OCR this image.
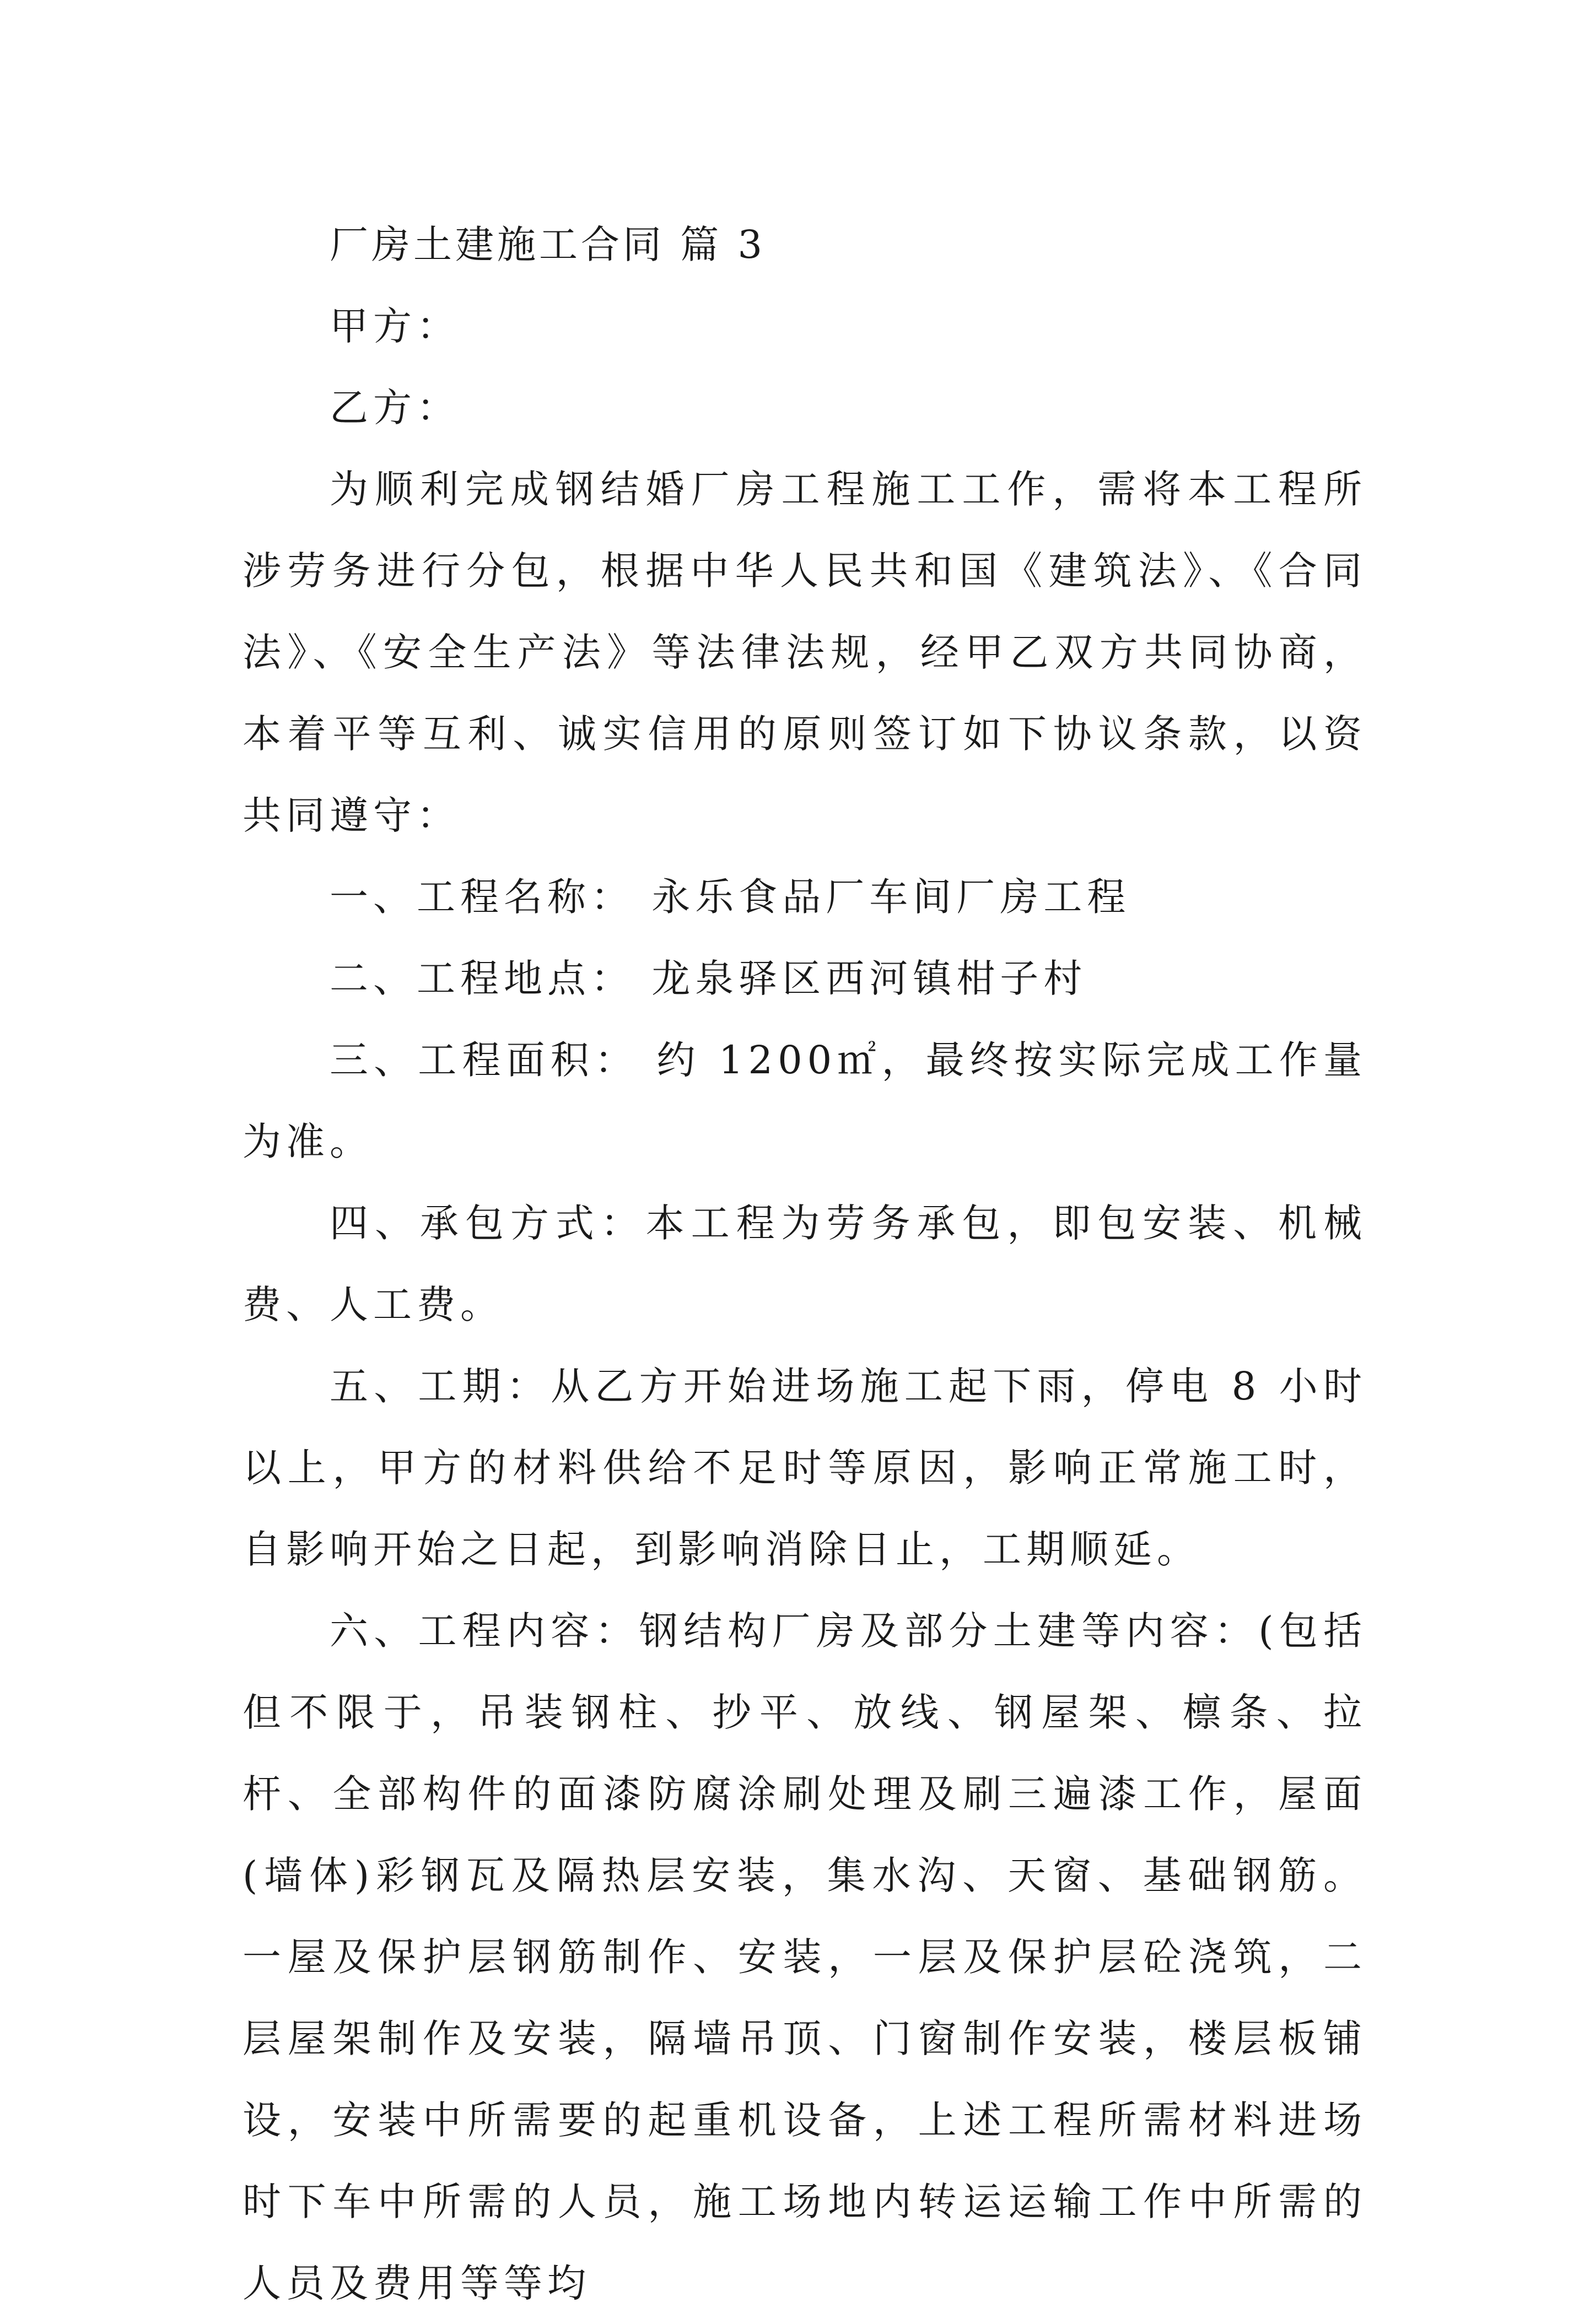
厂房土建施工合同 篇 3

甲方：

乙方：

为顺利完成钢结婚厂房工程施工工作，需将本工程所涉劳务进行分包，根据中华人民共和国《建筑法》、《合同法》、《安全生产法》等法律法规，经甲乙双方共同协商，本着平等互利、诚实信用的原则签订如下协议条款，以资共同遵守：

一、工程名称： 永乐食品厂车间厂房工程

二、工程地点： 龙泉驿区西河镇柑子村

三、工程面积： 约 1200㎡，最终按实际完成工作量为准。

四、承包方式：本工程为劳务承包，即包安装、机械费、人工费。

五、工期：从乙方开始进场施工起下雨，停电 8 小时以上，甲方的材料供给不足时等原因，影响正常施工时，自影响开始之日起，到影响消除日止，工期顺延。

六、工程内容：钢结构厂房及部分土建等内容：(包括但不限于，吊装钢柱、抄平、放线、钢屋架、檩条、拉杆、全部构件的面漆防腐涂刷处理及刷三遍漆工作，屋面(墙体)彩钢瓦及隔热层安装，集水沟、天窗、基础钢筋。一屋及保护层钢筋制作、安装，一层及保护层砼浇筑，二层屋架制作及安装，隔墙吊顶、门窗制作安装，楼层板铺设，安装中所需要的起重机设备，上述工程所需材料进场时下车中所需的人员，施工场地内转运运输工作中所需的人员及费用等等均
